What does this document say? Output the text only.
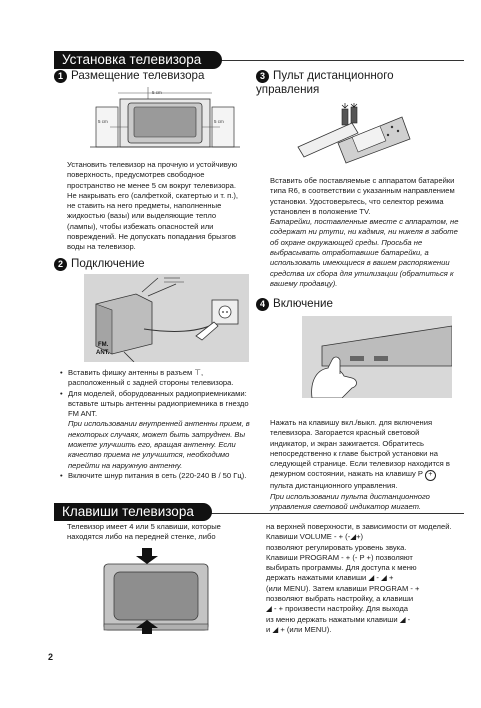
Установка телевизора
1 Размещение телевизора
5 cm
5 cm	5 cm
Установить телевизор на прочную и устойчивую поверхность, предусмотрев свободное пространство не менее 5 см вокруг телевизора. Не накрывать его (салфеткой, скатертью и т. п.), не ставить на него предметы, наполненные жидкостью (вазы) или выделяющие тепло (лампы), чтобы избежать опасностей или повреждений. Не допускать попадания брызгов воды на телевизор.
2 Подключение
FM.
ANT.
• Вставить фишку антенны в разъем ⊤, расположенный с задней стороны телевизора.
• Для моделей, оборудованных радиоприемниками: вставьте штырь антенны радиоприемника в гнездо FM ANT.
При использовании внутренней антенны прием, в некоторых случаях, может быть затруднен. Вы можете улучшить его, вращая антенну. Если качество приема не улучшится, необходимо перейти на наружную антенну.
• Включите шнур питания в сеть (220-240 В / 50 Гц).
3 Пульт дистанционного управления

Вставить обе поставляемые с аппаратом батарейки типа R6, в соответствии с указанным направлением установки. Удостоверьтесь, что селектор режима установлен в положение TV.

Батарейки, поставленные вместе с аппаратом, не содержат ни ртути, ни кадмия, ни никеля в заботе об охране окружающей среды. Просьба не выбрасывать отработавшие батарейки, а использовать имеющиеся в вашем распоряжении средства их сбора для утилизации (обратиться к вашему продавцу).

4 Включение

Нажать на клавишу вкл./выкл. для включения телевизора. Загорается красный световой индикатор, и экран зажигается. Обратитесь непосредственно к главе быстрой установки на следующей странице. Если телевизор находится в дежурном состоянии, нажать на клавишу P + пульта дистанционного управления.

При использовании пульта дистанционного управления световой индикатор мигает.

Клавиши телевизора
Телевизор имеет 4 или 5 клавиши, которые находятся либо на передней стенке, либо

на верхней поверхности, в зависимости от моделей. Клавиши VOLUME - + (-◢+)

позволяют регулировать уровень звука.

Клавиши PROGRAM - + (- P +) позволяют

выбирать программы. Для доступа к меню

держать нажатыми клавиши ◢ - ◢ +

(или MENU). Затем клавиши PROGRAM - +

позволяют выбрать настройку, а клавиши

◢ - + произвести настройку. Для выхода

из меню держать нажатыми клавиши ◢ -

и ◢ + (или MENU).

2
